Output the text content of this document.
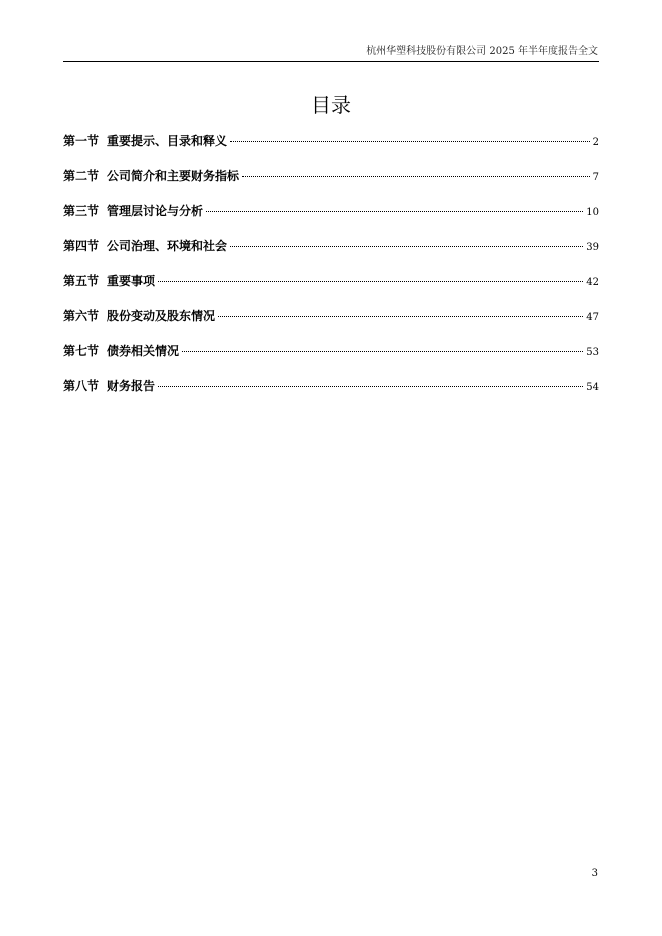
杭州华塑科技股份有限公司 2025 年半年度报告全文
目录
第一节 重要提示、目录和释义	2
第二节 公司简介和主要财务指标	7
第三节 管理层讨论与分析	10
第四节 公司治理、环境和社会	39
第五节 重要事项	42
第六节 股份变动及股东情况	47
第七节 债券相关情况	53
第八节 财务报告	54
3
